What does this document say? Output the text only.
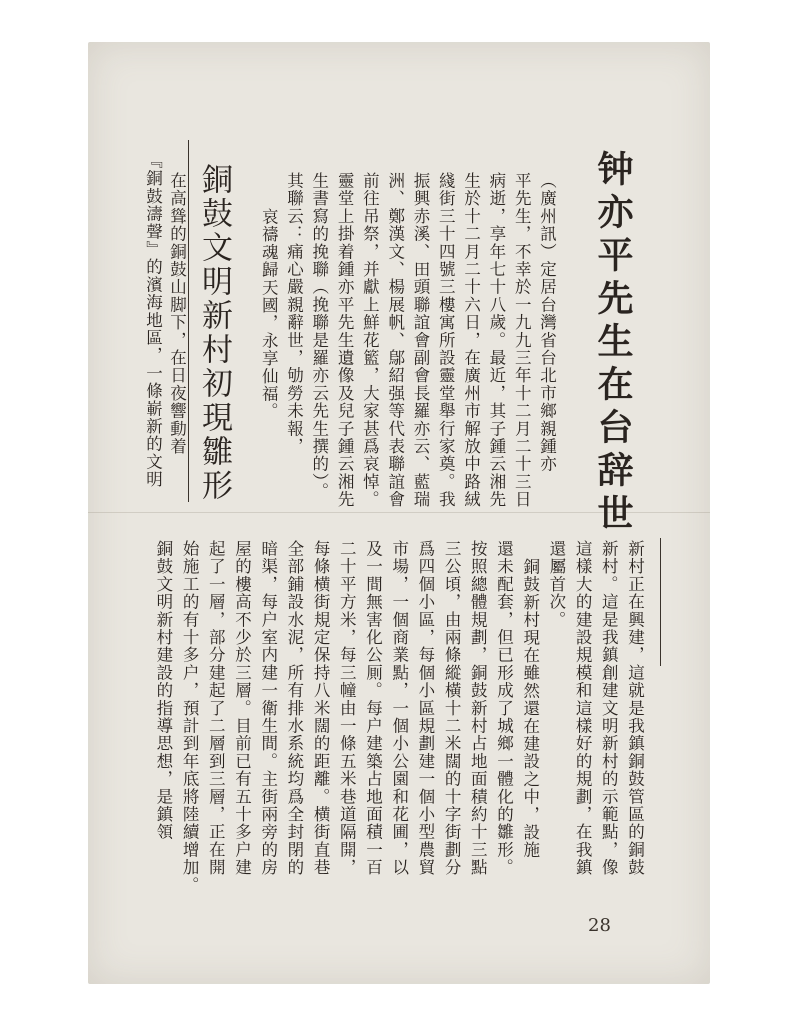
钟亦平先生在台辞世
（廣州訊）定居台灣省台北市鄉親鍾亦
平先生，不幸於一九九三年十二月二十三日
病逝，享年七十八歲。最近，其子鍾云湘先
生於十二月二十六日，在廣州市解放中路絨
綫街三十四號三樓寓所設靈堂舉行家奠。我
振興赤溪、田頭聯誼會副會長羅亦云、藍瑞
洲、鄭漢文、楊展帆、鄔紹强等代表聯誼會
前往吊祭，并獻上鮮花籃，大家甚爲哀悼。
靈堂上掛着鍾亦平先生遺像及兒子鍾云湘先
生書寫的挽聯（挽聯是羅亦云先生撰的）。
其聯云：痛心嚴親辭世，劬勞未報，
哀禱魂歸天國，永享仙福。
銅鼓文明新村初現雛形
在高聳的銅鼓山脚下，在日夜響動着
『銅鼓濤聲』的濱海地區，一條嶄新的文明
新村正在興建，這就是我鎮銅鼓管區的銅鼓
新村。這是我鎮創建文明新村的示範點，像
這樣大的建設規模和這樣好的規劃，在我鎮
還屬首次。
銅鼓新村現在雖然還在建設之中，設施
還未配套，但已形成了城鄉一體化的雛形。
按照總體規劃，銅鼓新村占地面積約十三點
三公頃，由兩條縱橫十二米闊的十字街劃分
爲四個小區，每個小區規劃建一個小型農貿
市場，一個商業點，一個小公園和花圃，以
及一間無害化公厠。每户建築占地面積一百
二十平方米，每三幢由一條五米巷道隔開，
每條横街規定保持八米闊的距離。横街直巷
全部鋪設水泥，所有排水系統均爲全封閉的
暗渠，每户室内建一衛生間。主街兩旁的房
屋的樓高不少於三層。目前已有五十多户建
起了一層，部分建起了二層到三層，正在開
始施工的有十多户，預計到年底將陸續增加。
銅鼓文明新村建設的指導思想，是鎮領
28
